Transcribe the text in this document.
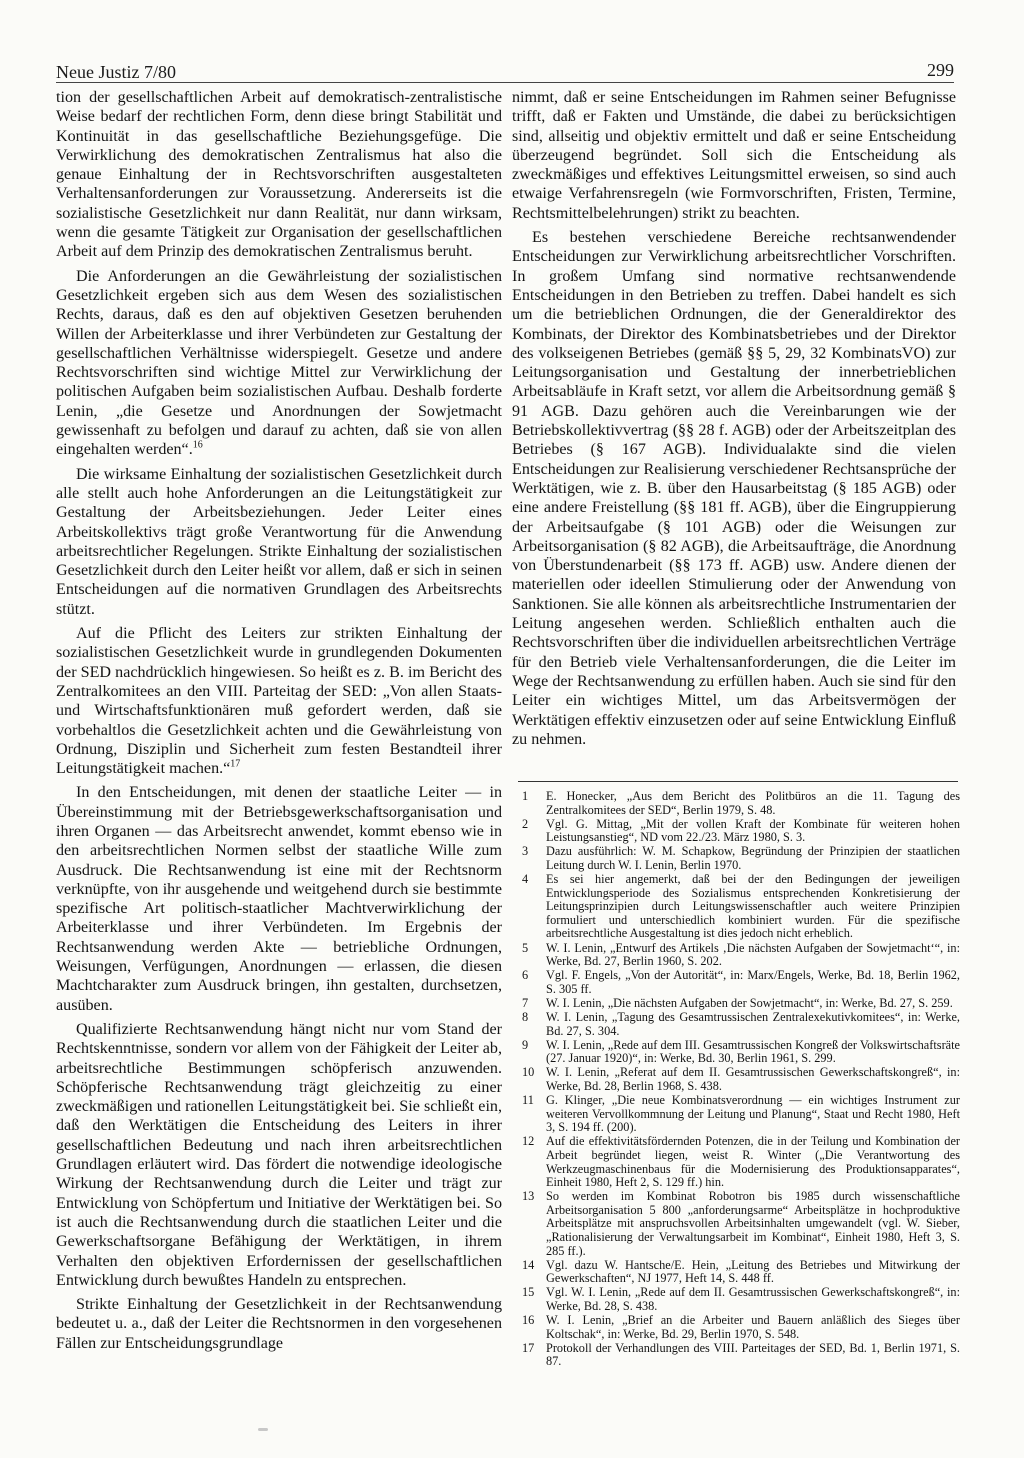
Neue Justiz 7/80	299

tion der gesellschaftlichen Arbeit auf demokratisch-zentralistische Weise bedarf der rechtlichen Form, denn diese bringt Stabilität und Kontinuität in das gesellschaftliche Beziehungsgefüge. Die Verwirklichung des demokratischen Zentralismus hat also die genaue Einhaltung der in Rechtsvorschriften ausgestalteten Verhaltensanforderungen zur Voraussetzung. Andererseits ist die sozialistische Gesetzlichkeit nur dann Realität, nur dann wirksam, wenn die gesamte Tätigkeit zur Organisation der gesellschaftlichen Arbeit auf dem Prinzip des demokratischen Zentralismus beruht.

Die Anforderungen an die Gewährleistung der sozialistischen Gesetzlichkeit ergeben sich aus dem Wesen des sozialistischen Rechts, daraus, daß es den auf objektiven Gesetzen beruhenden Willen der Arbeiterklasse und ihrer Verbündeten zur Gestaltung der gesellschaftlichen Verhältnisse widerspiegelt. Gesetze und andere Rechtsvorschriften sind wichtige Mittel zur Verwirklichung der politischen Aufgaben beim sozialistischen Aufbau. Deshalb forderte Lenin, „die Gesetze und Anordnungen der Sowjetmacht gewissenhaft zu befolgen und darauf zu achten, daß sie von allen eingehalten werden“.$^{16}$

Die wirksame Einhaltung der sozialistischen Gesetzlichkeit durch alle stellt auch hohe Anforderungen an die Leitungstätigkeit zur Gestaltung der Arbeitsbeziehungen. Jeder Leiter eines Arbeitskollektivs trägt große Verantwortung für die Anwendung arbeitsrechtlicher Regelungen. Strikte Einhaltung der sozialistischen Gesetzlichkeit durch den Leiter heißt vor allem, daß er sich in seinen Entscheidungen auf die normativen Grundlagen des Arbeitsrechts stützt.

Auf die Pflicht des Leiters zur strikten Einhaltung der sozialistischen Gesetzlichkeit wurde in grundlegenden Dokumenten der SED nachdrücklich hingewiesen. So heißt es z. B. im Bericht des Zentralkomitees an den VIII. Parteitag der SED: „Von allen Staats- und Wirtschaftsfunktionären muß gefordert werden, daß sie vorbehaltlos die Gesetzlichkeit achten und die Gewährleistung von Ordnung, Disziplin und Sicherheit zum festen Bestandteil ihrer Leitungstätigkeit machen.“$^{17}$

In den Entscheidungen, mit denen der staatliche Leiter — in Übereinstimmung mit der Betriebsgewerkschaftsorganisation und ihren Organen — das Arbeitsrecht anwendet, kommt ebenso wie in den arbeitsrechtlichen Normen selbst der staatliche Wille zum Ausdruck. Die Rechtsanwendung ist eine mit der Rechtsnorm verknüpfte, von ihr ausgehende und weitgehend durch sie bestimmte spezifische Art politisch-staatlicher Machtverwirklichung der Arbeiterklasse und ihrer Verbündeten. Im Ergebnis der Rechtsanwendung werden Akte — betriebliche Ordnungen, Weisungen, Verfügungen, Anordnungen — erlassen, die diesen Machtcharakter zum Ausdruck bringen, ihn gestalten, durchsetzen, ausüben.

Qualifizierte Rechtsanwendung hängt nicht nur vom Stand der Rechtskenntnisse, sondern vor allem von der Fähigkeit der Leiter ab, arbeitsrechtliche Bestimmungen schöpferisch anzuwenden. Schöpferische Rechtsanwendung trägt gleichzeitig zu einer zweckmäßigen und rationellen Leitungstätigkeit bei. Sie schließt ein, daß den Werktätigen die Entscheidung des Leiters in ihrer gesellschaftlichen Bedeutung und nach ihren arbeitsrechtlichen Grundlagen erläutert wird. Das fördert die notwendige ideologische Wirkung der Rechtsanwendung durch die Leiter und trägt zur Entwicklung von Schöpfertum und Initiative der Werktätigen bei. So ist auch die Rechtsanwendung durch die staatlichen Leiter und die Gewerkschaftsorgane Befähigung der Werktätigen, in ihrem Verhalten den objektiven Erfordernissen der gesellschaftlichen Entwicklung durch bewußtes Handeln zu entsprechen.

Strikte Einhaltung der Gesetzlichkeit in der Rechtsanwendung bedeutet u. a., daß der Leiter die Rechtsnormen in den vorgesehenen Fällen zur Entscheidungsgrundlage

nimmt, daß er seine Entscheidungen im Rahmen seiner Befugnisse trifft, daß er Fakten und Umstände, die dabei zu berücksichtigen sind, allseitig und objektiv ermittelt und daß er seine Entscheidung überzeugend begründet. Soll sich die Entscheidung als zweckmäßiges und effektives Leitungsmittel erweisen, so sind auch etwaige Verfahrensregeln (wie Formvorschriften, Fristen, Termine, Rechtsmittelbelehrungen) strikt zu beachten.

Es bestehen verschiedene Bereiche rechtsanwendender Entscheidungen zur Verwirklichung arbeitsrechtlicher Vorschriften. In großem Umfang sind normative rechtsanwendende Entscheidungen in den Betrieben zu treffen. Dabei handelt es sich um die betrieblichen Ordnungen, die der Generaldirektor des Kombinats, der Direktor des Kombinatsbetriebes und der Direktor des volkseigenen Betriebes (gemäß §§ 5, 29, 32 KombinatsVO) zur Leitungsorganisation und Gestaltung der innerbetrieblichen Arbeitsabläufe in Kraft setzt, vor allem die Arbeitsordnung gemäß § 91 AGB. Dazu gehören auch die Vereinbarungen wie der Betriebskollektivvertrag (§§ 28 f. AGB) oder der Arbeitszeitplan des Betriebes (§ 167 AGB). Individualakte sind die vielen Entscheidungen zur Realisierung verschiedener Rechtsansprüche der Werktätigen, wie z. B. über den Hausarbeitstag (§ 185 AGB) oder eine andere Freistellung (§§ 181 ff. AGB), über die Eingruppierung der Arbeitsaufgabe (§ 101 AGB) oder die Weisungen zur Arbeitsorganisation (§ 82 AGB), die Arbeitsaufträge, die Anordnung von Überstundenarbeit (§§ 173 ff. AGB) usw. Andere dienen der materiellen oder ideellen Stimulierung oder der Anwendung von Sanktionen. Sie alle können als arbeitsrechtliche Instrumentarien der Leitung angesehen werden. Schließlich enthalten auch die Rechtsvorschriften über die individuellen arbeitsrechtlichen Verträge für den Betrieb viele Verhaltensanforderungen, die die Leiter im Wege der Rechtsanwendung zu erfüllen haben. Auch sie sind für den Leiter ein wichtiges Mittel, um das Arbeitsvermögen der Werktätigen effektiv einzusetzen oder auf seine Entwicklung Einfluß zu nehmen.

1	E. Honecker, „Aus dem Bericht des Politbüros an die 11. Tagung des Zentralkomitees der SED“, Berlin 1979, S. 48.
2	Vgl. G. Mittag, „Mit der vollen Kraft der Kombinate für weiteren hohen Leistungsanstieg“, ND vom 22./23. März 1980, S. 3.
3	Dazu ausführlich: W. M. Schapkow, Begründung der Prinzipien der staatlichen Leitung durch W. I. Lenin, Berlin 1970.
4	Es sei hier angemerkt, daß bei der den Bedingungen der jeweiligen Entwicklungsperiode des Sozialismus entsprechenden Konkretisierung der Leitungsprinzipien durch Leitungswissenschaftler auch weitere Prinzipien formuliert und unterschiedlich kombiniert wurden. Für die spezifische arbeitsrechtliche Ausgestaltung ist dies jedoch nicht erheblich.
5	W. I. Lenin, „Entwurf des Artikels ‚Die nächsten Aufgaben der Sowjetmacht‘“, in: Werke, Bd. 27, Berlin 1960, S. 202.
6	Vgl. F. Engels, „Von der Autorität“, in: Marx/Engels, Werke, Bd. 18, Berlin 1962, S. 305 ff.
7	W. I. Lenin, „Die nächsten Aufgaben der Sowjetmacht“, in: Werke, Bd. 27, S. 259.
8	W. I. Lenin, „Tagung des Gesamtrussischen Zentralexekutivkomitees“, in: Werke, Bd. 27, S. 304.
9	W. I. Lenin, „Rede auf dem III. Gesamtrussischen Kongreß der Volkswirtschaftsräte (27. Januar 1920)“, in: Werke, Bd. 30, Berlin 1961, S. 299.
10 W. I. Lenin, „Referat auf dem II. Gesamtrussischen Gewerkschaftskongreß“, in: Werke, Bd. 28, Berlin 1968, S. 438.
11 G. Klinger, „Die neue Kombinatsverordnung — ein wichtiges Instrument zur weiteren Vervollkommnung der Leitung und Planung“, Staat und Recht 1980, Heft 3, S. 194 ff. (200).
12 Auf die effektivitätsfördernden Potenzen, die in der Teilung und Kombination der Arbeit begründet liegen, weist R. Winter („Die Verantwortung des Werkzeugmaschinenbaus für die Modernisierung des Produktionsapparates“, Einheit 1980, Heft 2, S. 129 ff.) hin.
13 So werden im Kombinat Robotron bis 1985 durch wissenschaftliche Arbeitsorganisation 5 800 „anforderungsarme“ Arbeitsplätze in hochproduktive Arbeitsplätze mit anspruchsvollen Arbeitsinhalten umgewandelt (vgl. W. Sieber, „Rationalisierung der Verwaltungsarbeit im Kombinat“, Einheit 1980, Heft 3, S. 285 ff.).
14 Vgl. dazu W. Hantsche/E. Hein, „Leitung des Betriebes und Mitwirkung der Gewerkschaften“, NJ 1977, Heft 14, S. 448 ff.
15 Vgl. W. I. Lenin, „Rede auf dem II. Gesamtrussischen Gewerkschaftskongreß“, in: Werke, Bd. 28, S. 438.
16 W. I. Lenin, „Brief an die Arbeiter und Bauern anläßlich des Sieges über Koltschak“, in: Werke, Bd. 29, Berlin 1970, S. 548.
17 Protokoll der Verhandlungen des VIII. Parteitages der SED, Bd. 1, Berlin 1971, S. 87.
